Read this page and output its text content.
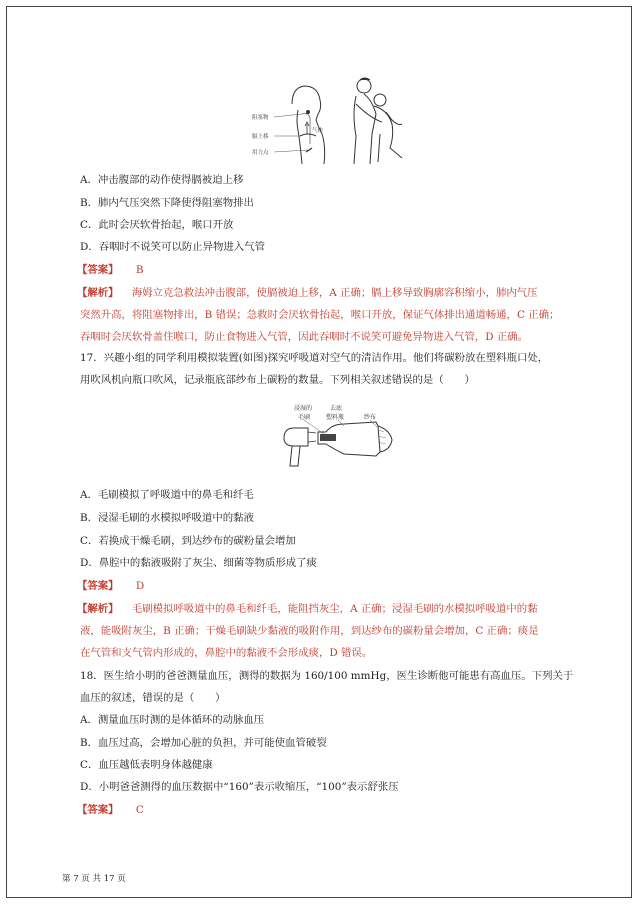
阻塞物
膈上移
用力点
气体
A．冲击腹部的动作使得膈被迫上移
B．肺内气压突然下降使得阻塞物排出
C．此时会厌软骨抬起，喉口开放
D．吞咽时不说笑可以防止异物进入气管
【答案】 B
【解析】 海姆立克急救法冲击腹部，使膈被迫上移，A 正确；膈上移导致胸廓容积缩小，肺内气压
突然升高，将阻塞物排出，B 错误；急救时会厌软骨抬起，喉口开放，保证气体排出通道畅通，C 正确；
吞咽时会厌软骨盖住喉口，防止食物进入气管，因此吞咽时不说笑可避免异物进入气管，D 正确。
17．兴趣小组的同学利用模拟装置(如图)探究呼吸道对空气的清洁作用。他们将碳粉放在塑料瓶口处，
用吹风机向瓶口吹风，记录瓶底部纱布上碳粉的数量。下列相关叙述错误的是（　　）
浸湿的
毛刷
去底
塑料瓶	纱布
A．毛刷模拟了呼吸道中的鼻毛和纤毛
B．浸湿毛刷的水模拟呼吸道中的黏液
C．若换成干燥毛刷，到达纱布的碳粉量会增加
D．鼻腔中的黏液吸附了灰尘、细菌等物质形成了痰
【答案】 D
【解析】 毛刷模拟呼吸道中的鼻毛和纤毛，能阻挡灰尘，A 正确；浸湿毛刷的水模拟呼吸道中的黏
液，能吸附灰尘，B 正确；干燥毛刷缺少黏液的吸附作用，到达纱布的碳粉量会增加，C 正确；痰是
在气管和支气管内形成的，鼻腔中的黏液不会形成痰，D 错误。
18．医生给小明的爸爸测量血压，测得的数据为 160/100 mmHg，医生诊断他可能患有高血压。下列关于
血压的叙述，错误的是（　　）
A．测量血压时测的是体循环的动脉血压
B．血压过高，会增加心脏的负担，并可能使血管破裂
C．血压越低表明身体越健康
D．小明爸爸测得的血压数据中“160”表示收缩压，“100”表示舒张压
【答案】 C
第 7 页 共 17 页
